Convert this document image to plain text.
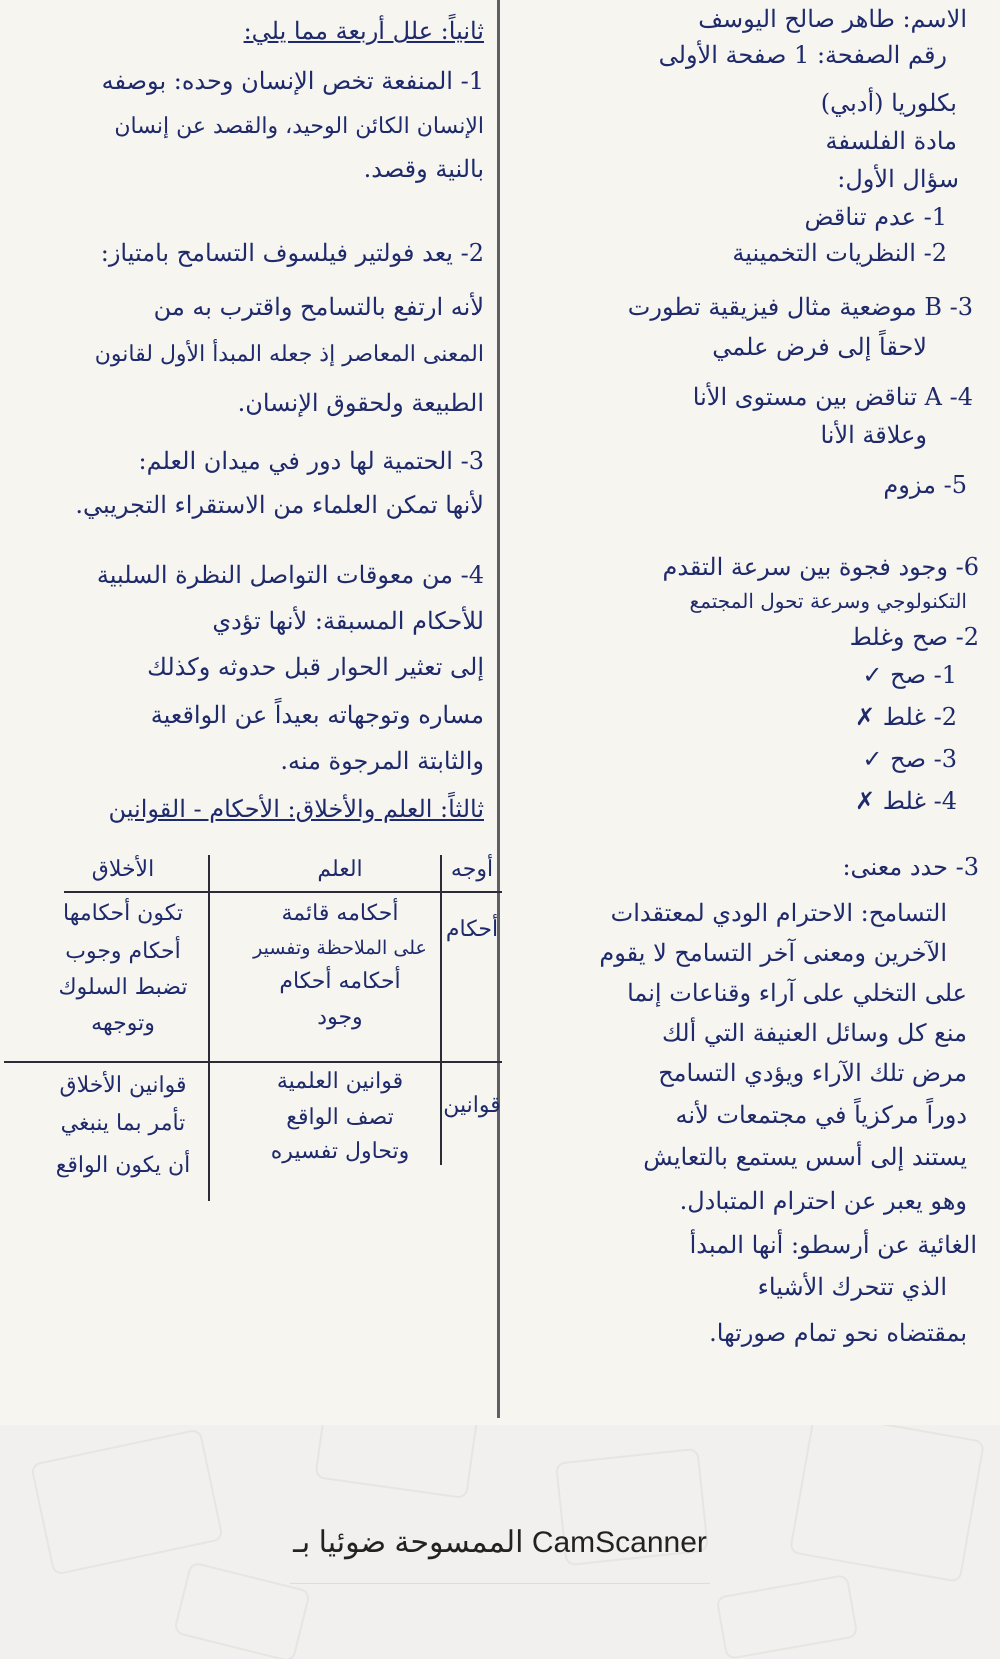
الاسم: طاهر صالح اليوسف
رقم الصفحة: 1 صفحة الأولى
بكلوريا (أدبي)
مادة الفلسفة
سؤال الأول:
1- عدم تناقض
2- النظريات التخمينية
3- B موضعية مثال فيزيقية تطورت
لاحقاً إلى فرض علمي
4- A تناقض بين مستوى الأنا
وعلاقة الأنا
5- مزوم
6- وجود فجوة بين سرعة التقدم
التكنولوجي وسرعة تحول المجتمع
2- صح وغلط
1- صح ✓
2- غلط ✗
3- صح ✓
4- غلط ✗
3- حدد معنى:
التسامح: الاحترام الودي لمعتقدات
الآخرين ومعنى آخر التسامح لا يقوم
على التخلي على آراء وقناعات إنما
منع كل وسائل العنيفة التي ألك
مرض تلك الآراء ويؤدي التسامح
دوراً مركزياً في مجتمعات لأنه
يستند إلى أسس يستمع بالتعايش
وهو يعبر عن احترام المتبادل.
الغائية عن أرسطو: أنها المبدأ
الذي تتحرك الأشياء
بمقتضاه نحو تمام صورتها.
ثانياً: علل أربعة مما يلي:
1- المنفعة تخص الإنسان وحده: بوصفه
الإنسان الكائن الوحيد، والقصد عن إنسان
بالنية وقصد.
2- يعد فولتير فيلسوف التسامح بامتياز:
لأنه ارتفع بالتسامح واقترب به من
المعنى المعاصر إذ جعله المبدأ الأول لقانون
الطبيعة ولحقوق الإنسان.
3- الحتمية لها دور في ميدان العلم:
لأنها تمكن العلماء من الاستقراء التجريبي.
4- من معوقات التواصل النظرة السلبية
للأحكام المسبقة: لأنها تؤدي
إلى تعثير الحوار قبل حدوثه وكذلك
مساره وتوجهاته بعيداً عن الواقعية
والثابتة المرجوة منه.
ثالثاً: العلم والأخلاق: الأحكام - القوانين
أوجه
العلم
الأخلاق
أحكام
أحكامه قائمة
على الملاحظة وتفسير
أحكامه أحكام
وجود
تكون أحكامها
أحكام وجوب
تضبط السلوك
وتوجهه
قوانين
قوانين العلمية
تصف الواقع
وتحاول تفسيره
قوانين الأخلاق
تأمر بما ينبغي
أن يكون الواقع
الممسوحة ضوئيا بـ CamScanner
